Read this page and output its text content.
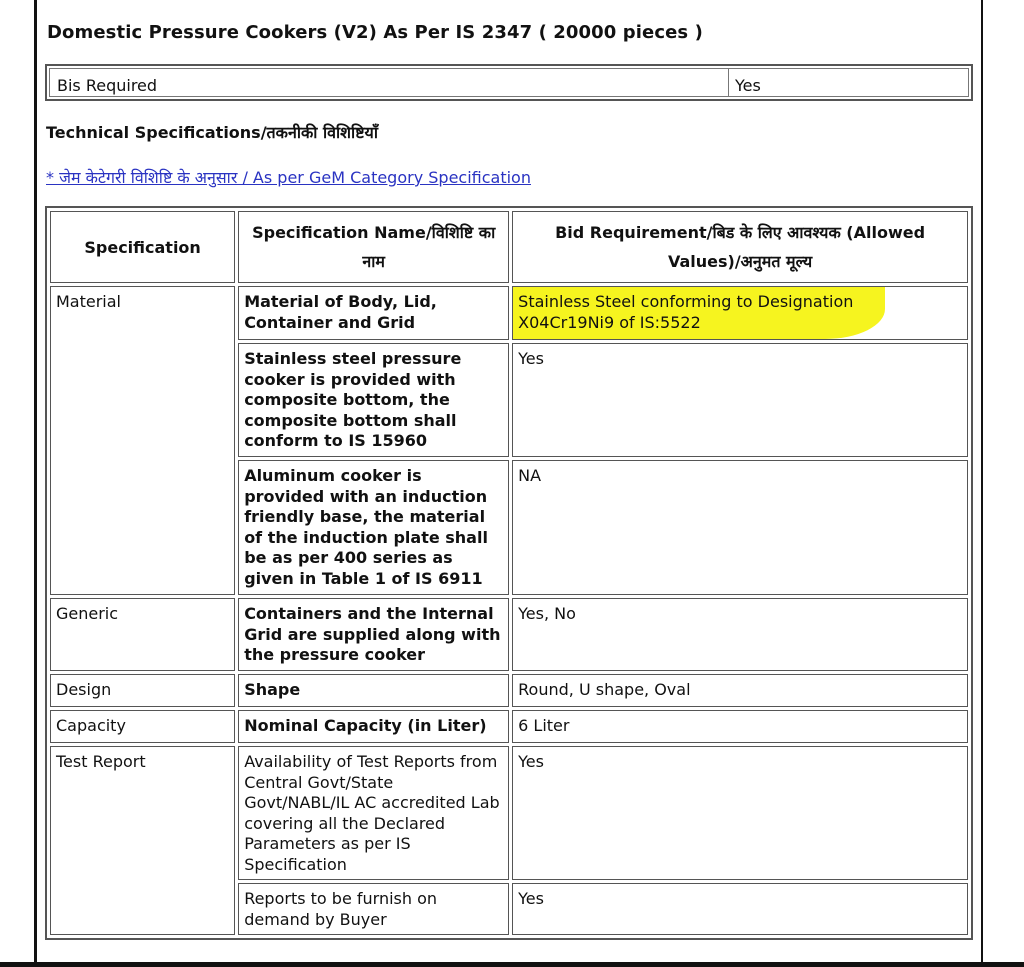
Domestic Pressure Cookers (V2) As Per IS 2347 ( 20000 pieces )
Bis Required	Yes
Technical Specifications/तकनीकी विशिष्टियाँ
* जेम केटेगरी विशिष्टि के अनुसार / As per GeM Category Specification
Specification	Specification Name/विशिष्टि का नाम	Bid Requirement/बिड के लिए आवश्यक (Allowed Values)/अनुमत मूल्य
Material	Material of Body, Lid, Container and Grid	Stainless Steel conforming to Designation X04Cr19Ni9 of IS:5522

	Stainless steel pressure cooker is provided with composite bottom, the composite bottom shall conform to IS 15960	Yes
	Aluminum cooker is provided with an induction friendly base, the material of the induction plate shall be as per 400 series as given in Table 1 of IS 6911	NA
Generic	Containers and the Internal Grid are supplied along with the pressure cooker	Yes, No
Design	Shape	Round, U shape, Oval
Capacity	Nominal Capacity (in Liter)	6 Liter
Test Report	Availability of Test Reports from Central Govt/State Govt/NABL/IL AC accredited Lab covering all the Declared Parameters as per IS Specification	Yes
	Reports to be furnish on demand by Buyer	Yes
